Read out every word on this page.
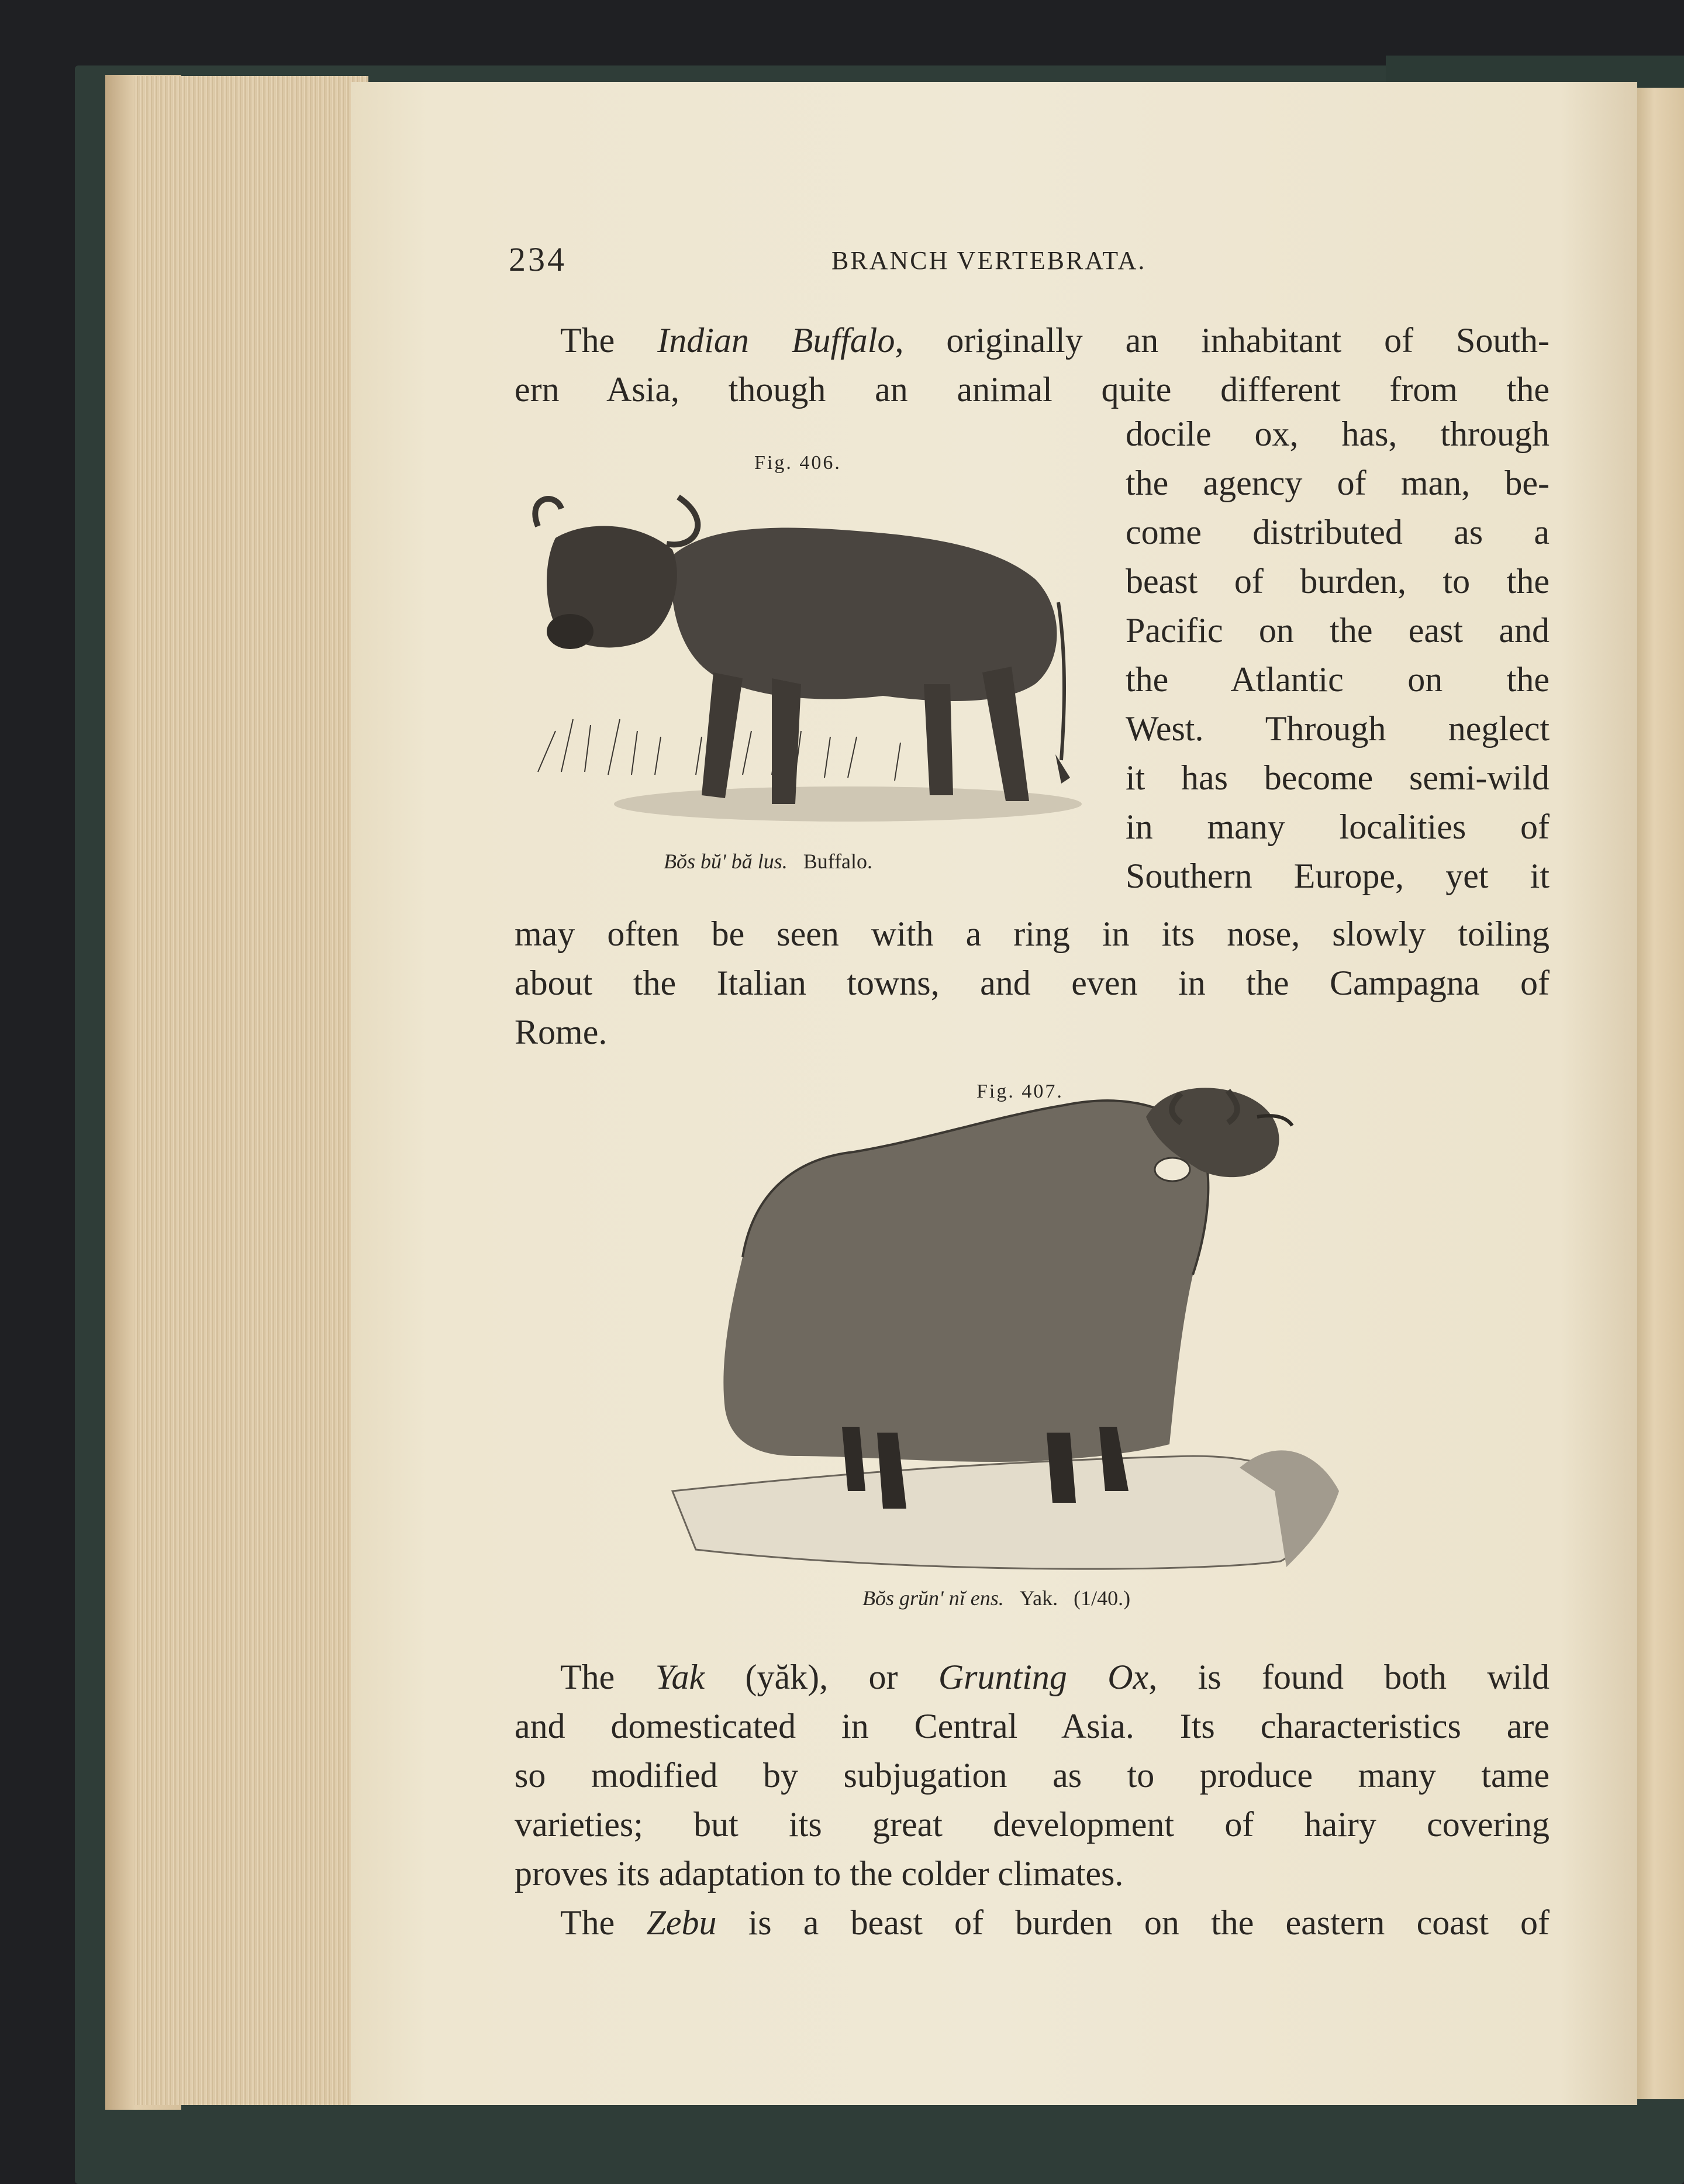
234	BRANCH VERTEBRATA.

The Indian Buffalo, originally an inhabitant of South-

ern Asia, though an animal quite different from the

Fig. 406.
Bŏs bŭ' bă lus. Buffalo.

docile ox, has, through

the agency of man, be-

come distributed as a

beast of burden, to the

Pacific on the east and

the Atlantic on the

West. Through neglect

it has become semi-wild

in many localities of

Southern Europe, yet it

may often be seen with a ring in its nose, slowly toiling

about the Italian towns, and even in the Campagna of

Rome.

Fig. 407.
Bŏs grŭn' nĭ ens. Yak. (1/40.)

The Yak (yăk), or Grunting Ox, is found both wild

and domesticated in Central Asia. Its characteristics are

so modified by subjugation as to produce many tame

varieties; but its great development of hairy covering

proves its adaptation to the colder climates.

The Zebu is a beast of burden on the eastern coast of
